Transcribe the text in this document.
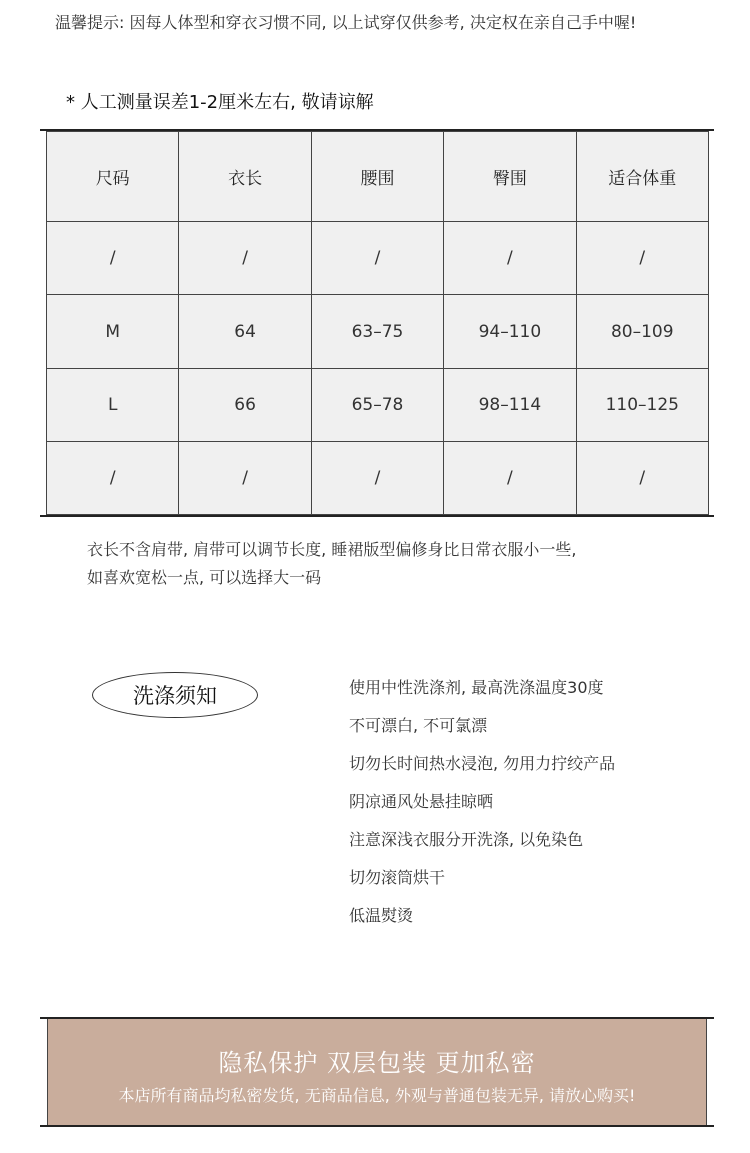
温馨提示: 因每人体型和穿衣习惯不同, 以上试穿仅供参考, 决定权在亲自己手中喔!
* 人工测量误差1-2厘米左右, 敬请谅解
尺码	衣长	腰围	臀围	适合体重
/	/	/	/	/
M	64	63–75	94–110	80–109
L	66	65–78	98–114	110–125
/	/	/	/	/
衣长不含肩带, 肩带可以调节长度, 睡裙版型偏修身比日常衣服小一些,
如喜欢宽松一点, 可以选择大一码
洗涤须知	使用中性洗涤剂, 最高洗涤温度30度
不可漂白, 不可氯漂
切勿长时间热水浸泡, 勿用力拧绞产品
阴凉通风处悬挂晾晒
注意深浅衣服分开洗涤, 以免染色
切勿滚筒烘干
低温熨烫
隐私保护 双层包装 更加私密
本店所有商品均私密发货, 无商品信息, 外观与普通包装无异, 请放心购买!
